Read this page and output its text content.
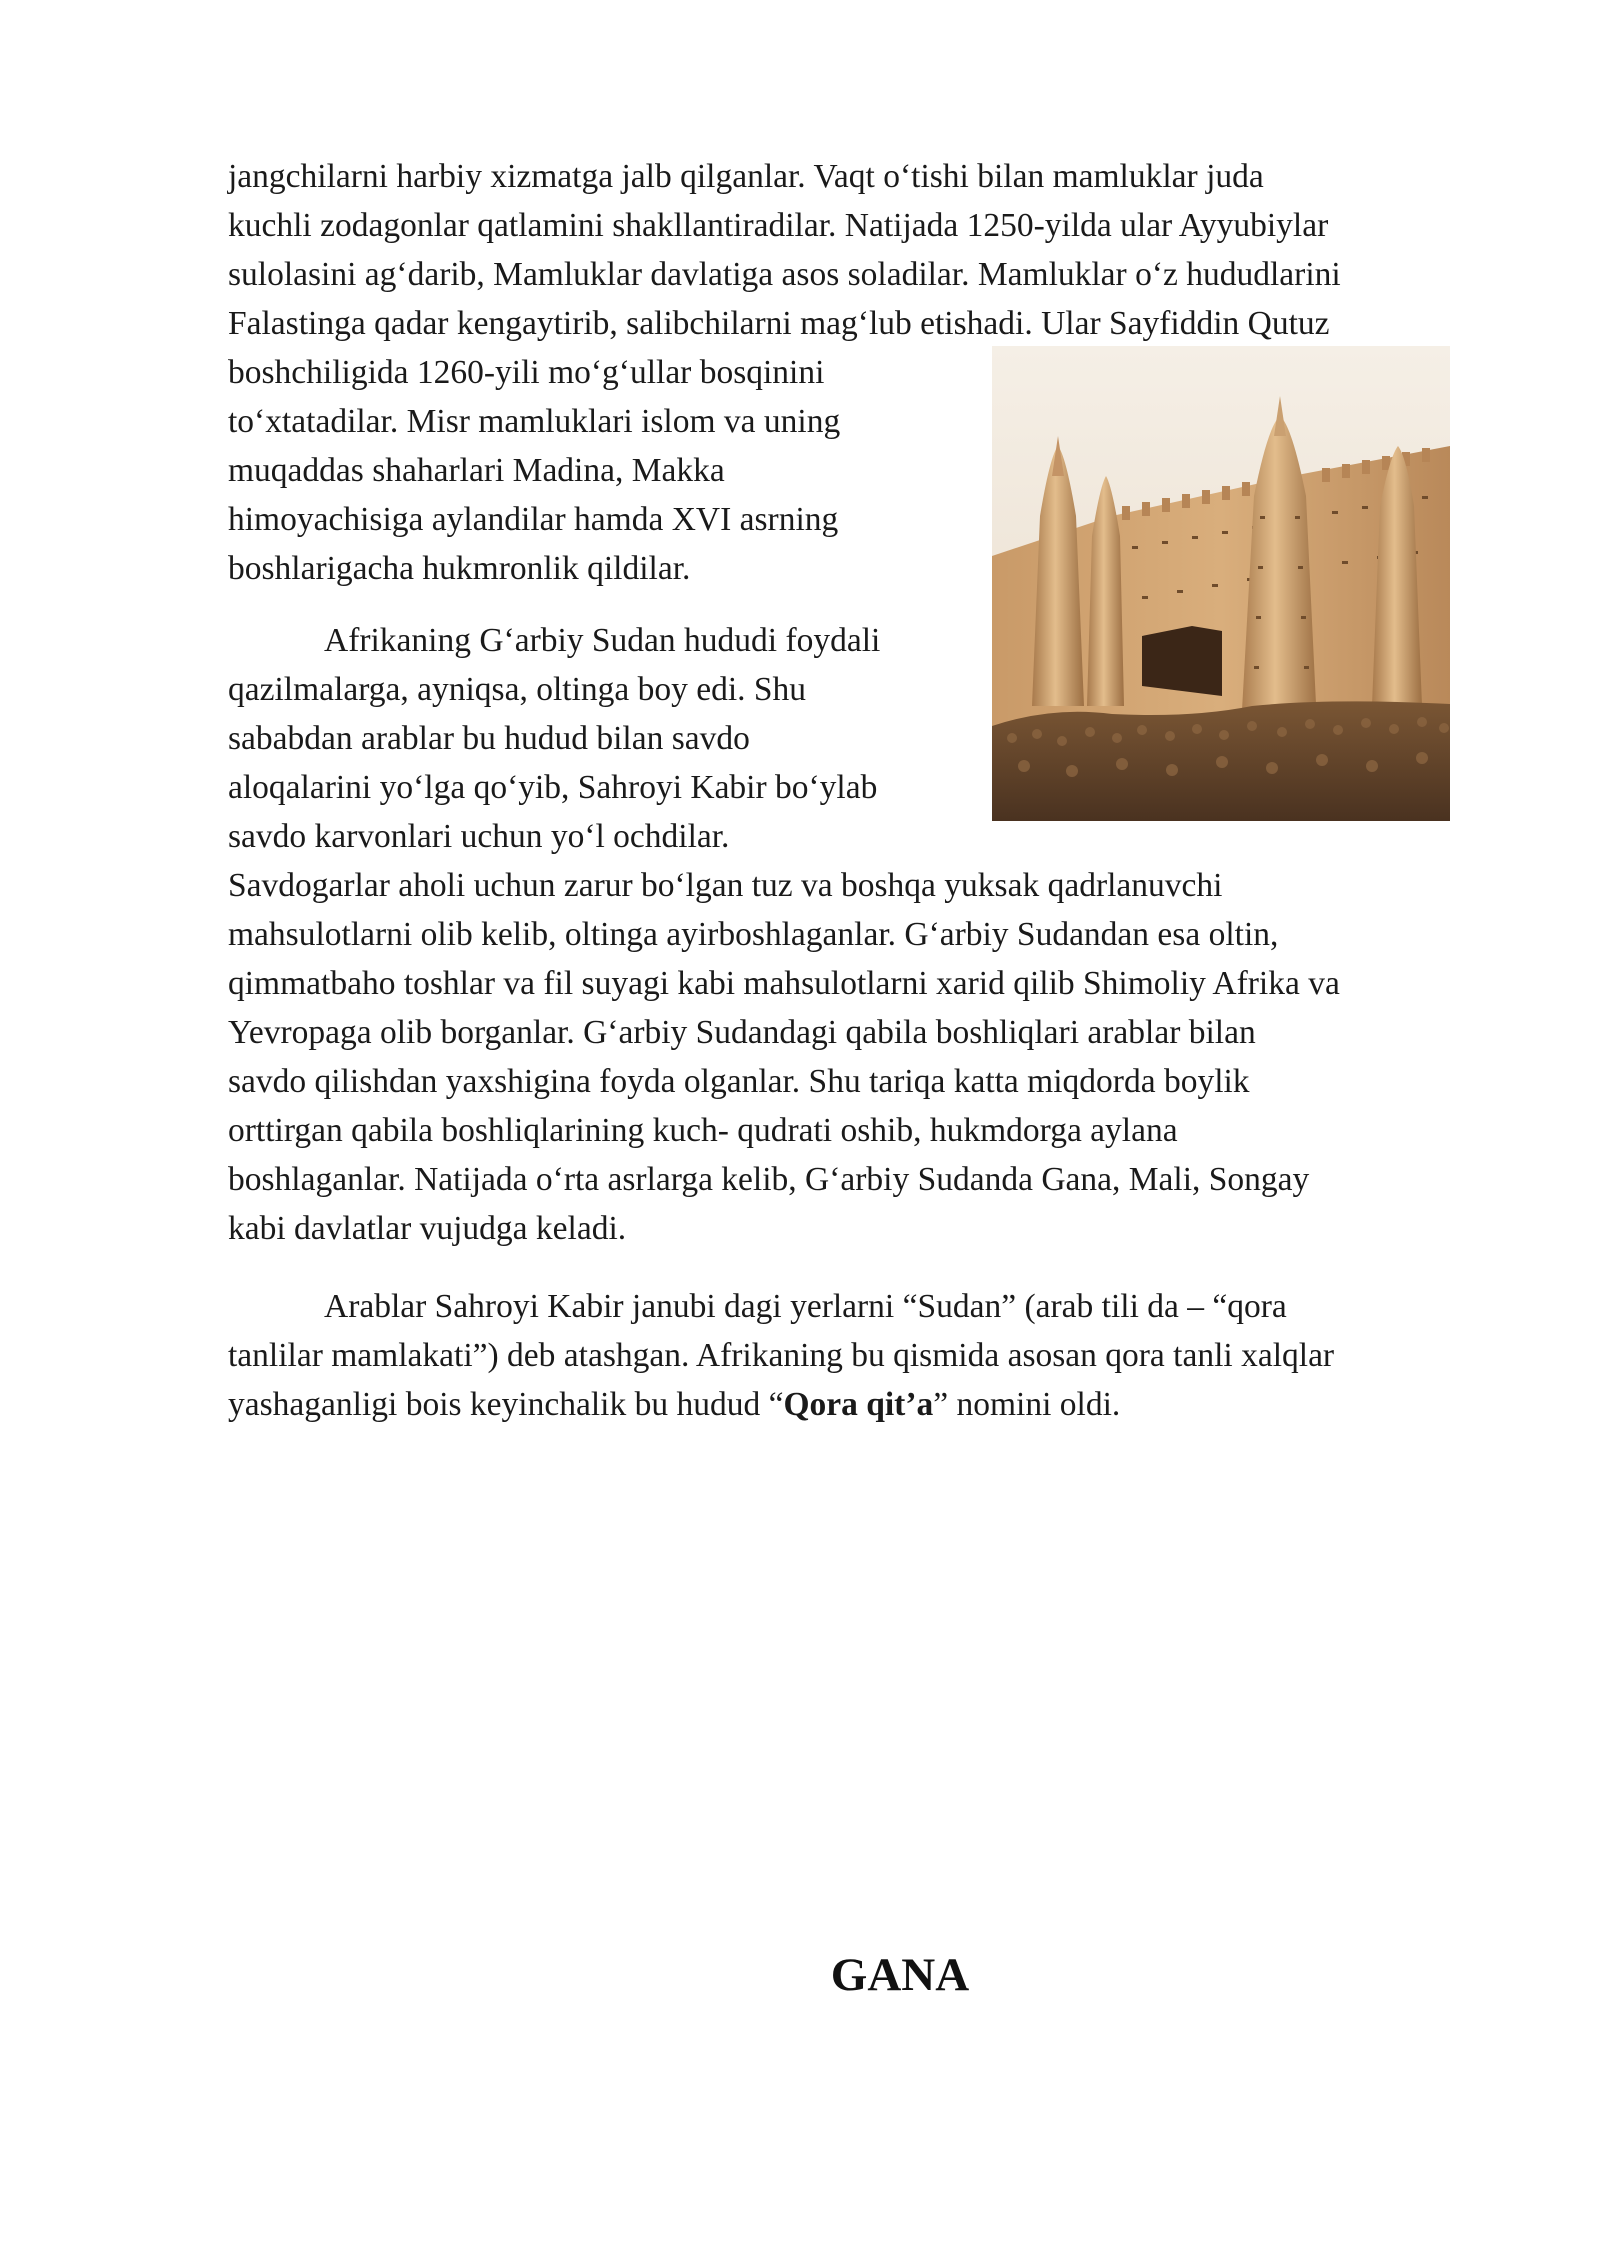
jangchilarni harbiy xizmatga jalb qilganlar. Vaqt o‘tishi bilan mamluklar juda
kuchli zodagonlar qatlamini shakllantiradilar. Natijada 1250-yilda ular Ayyubiylar
sulolasini ag‘darib, Mamluklar davlatiga asos soladilar. Mamluklar o‘z hududlarini
Falastinga qadar kengaytirib, salibchilarni mag‘lub etishadi. Ular Sayfiddin Qutuz
boshchiligida 1260-yili mo‘g‘ullar bosqinini
to‘xtatadilar. Misr mamluklari islom va uning
muqaddas shaharlari Madina, Makka
himoyachisiga aylandilar hamda XVI asrning
boshlarigacha hukmronlik qildilar.
Afrikaning G‘arbiy Sudan hududi foydali
qazilmalarga, ayniqsa, oltinga boy edi. Shu
sababdan arablar bu hudud bilan savdo
aloqalarini yo‘lga qo‘yib, Sahroyi Kabir bo‘ylab
savdo karvonlari uchun yo‘l ochdilar.
Savdogarlar aholi uchun zarur bo‘lgan tuz va boshqa yuksak qadrlanuvchi
mahsulotlarni olib kelib, oltinga ayirboshlaganlar. G‘arbiy Sudandan esa oltin,
qimmatbaho toshlar va fil suyagi kabi mahsulotlarni xarid qilib Shimoliy Afrika va
Yevropaga olib borganlar. G‘arbiy Sudandagi qabila boshliqlari arablar bilan
savdo qilishdan yaxshigina foyda olganlar. Shu tariqa katta miqdorda boylik
orttirgan qabila boshliqlarining kuch- qudrati oshib, hukmdorga aylana
boshlaganlar. Natijada o‘rta asrlarga kelib, G‘arbiy Sudanda Gana, Mali, Songay
kabi davlatlar vujudga keladi.
Arablar Sahroyi Kabir janubi dagi yerlarni “Sudan” (arab tili da – “qora
tanlilar mamlakati”) deb atashgan. Afrikaning bu qismida asosan qora tanli xalqlar
yashaganligi bois keyinchalik bu hudud “Qora qit’a” nomini oldi.
GANA
